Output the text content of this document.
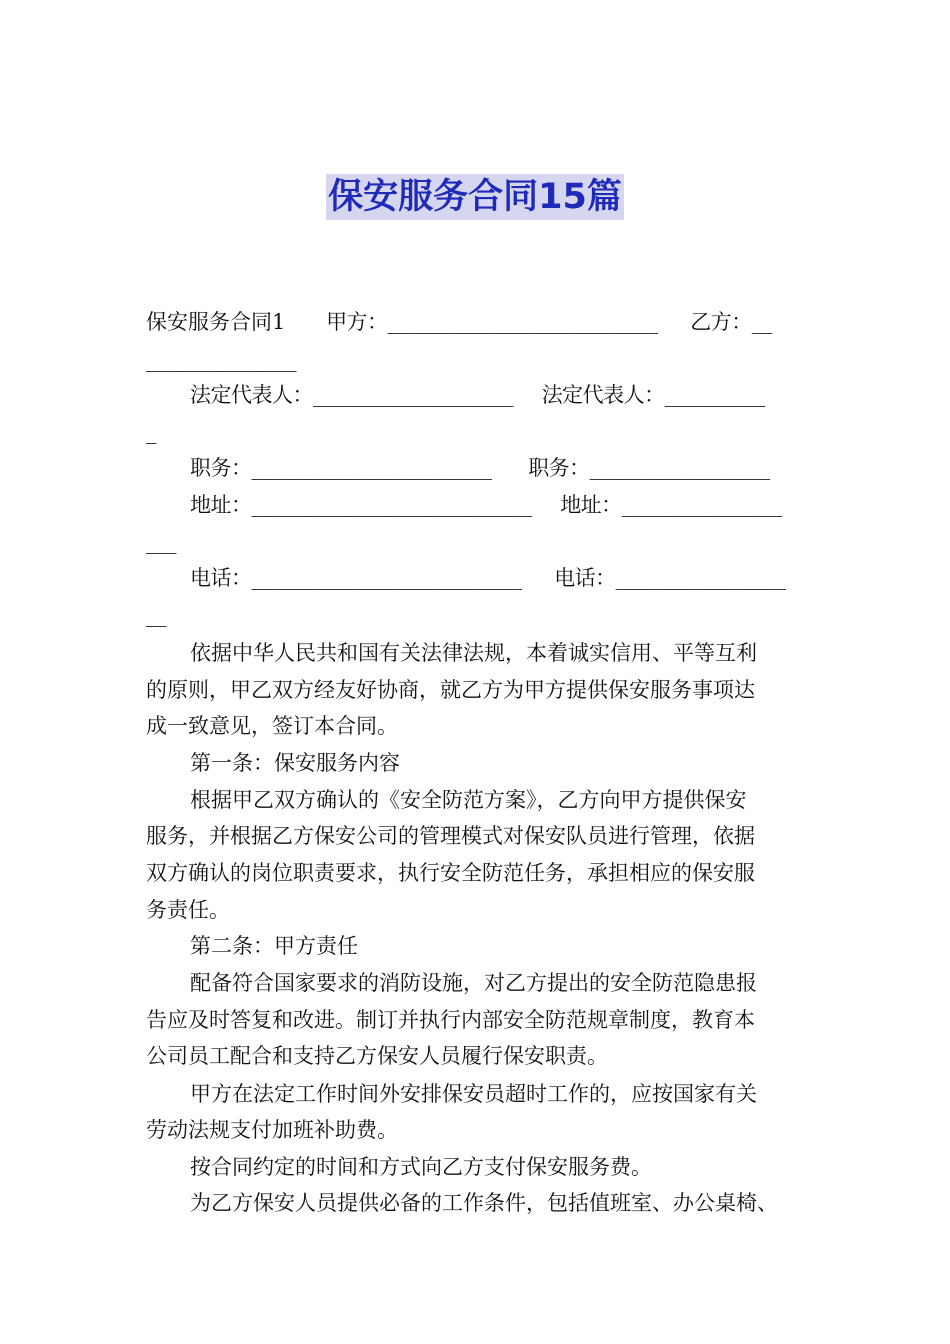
保安服务合同15篇
保安服务合同1 甲方：___________________________ 乙方：__
_______________
法定代表人：____________________ 法定代表人：__________
_
职务：________________________ 职务：__________________
地址：____________________________ 地址：________________
___
电话：___________________________ 电话：_________________
__
依据中华人民共和国有关法律法规，本着诚实信用、平等互利
的原则，甲乙双方经友好协商，就乙方为甲方提供保安服务事项达
成一致意见，签订本合同。
第一条：保安服务内容
根据甲乙双方确认的《安全防范方案》，乙方向甲方提供保安
服务，并根据乙方保安公司的管理模式对保安队员进行管理，依据
双方确认的岗位职责要求，执行安全防范任务，承担相应的保安服
务责任。
第二条：甲方责任
配备符合国家要求的消防设施，对乙方提出的安全防范隐患报
告应及时答复和改进。制订并执行内部安全防范规章制度，教育本
公司员工配合和支持乙方保安人员履行保安职责。
甲方在法定工作时间外安排保安员超时工作的，应按国家有关
劳动法规支付加班补助费。
按合同约定的时间和方式向乙方支付保安服务费。
为乙方保安人员提供必备的工作条件，包括值班室、办公桌椅、
